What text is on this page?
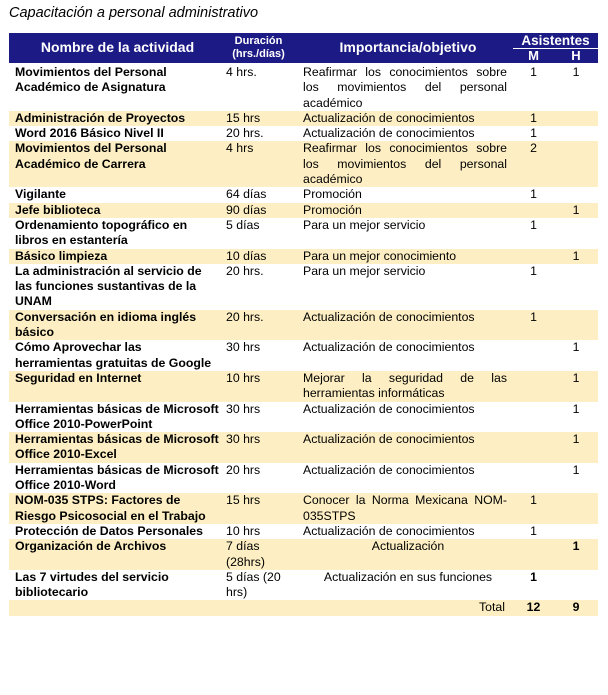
Capacitación a personal administrativo
Nombre de la actividad	Duración
(hrs./días)	Importancia/objetivo	Asistentes	
			M	H
Movimientos del Personal Académico de Asignatura	4 hrs.	Reafirmar los conocimientos sobre los movimientos del personal académico	1	1
Administración de Proyectos	15 hrs	Actualización de conocimientos	1	
Word 2016 Básico Nivel II	20 hrs.	Actualización de conocimientos	1	
Movimientos del Personal Académico de Carrera	4 hrs	Reafirmar los conocimientos sobre los movimientos del personal académico	2	
Vigilante	64 días	Promoción	1	
Jefe biblioteca	90 días	Promoción		1
Ordenamiento topográfico en libros en estantería	5 días	Para un mejor servicio	1	
Básico limpieza	10 días	Para un mejor conocimiento		1
La administración al servicio de las funciones sustantivas de la UNAM	20 hrs.	Para un mejor servicio	1	
Conversación en idioma inglés básico	20 hrs.	Actualización de conocimientos	1	
Cómo Aprovechar las herramientas gratuitas de Google	30 hrs	Actualización de conocimientos		1
Seguridad en Internet	10 hrs	Mejorar la seguridad de las herramientas informáticas		1
Herramientas básicas de Microsoft Office 2010-PowerPoint	30 hrs	Actualización de conocimientos		1
Herramientas básicas de Microsoft Office 2010-Excel	30 hrs	Actualización de conocimientos		1
Herramientas básicas de Microsoft Office 2010-Word	20 hrs	Actualización de conocimientos		1
NOM-035 STPS: Factores de Riesgo Psicosocial en el Trabajo	15 hrs	Conocer la Norma Mexicana NOM-035STPS	1	
Protección de Datos Personales	10 hrs	Actualización de conocimientos	1	
Organización de Archivos	7 días (28hrs)	Actualización		1
Las 7 virtudes del servicio bibliotecario	5 días (20 hrs)	Actualización en sus funciones	1	
		Total	12	9
